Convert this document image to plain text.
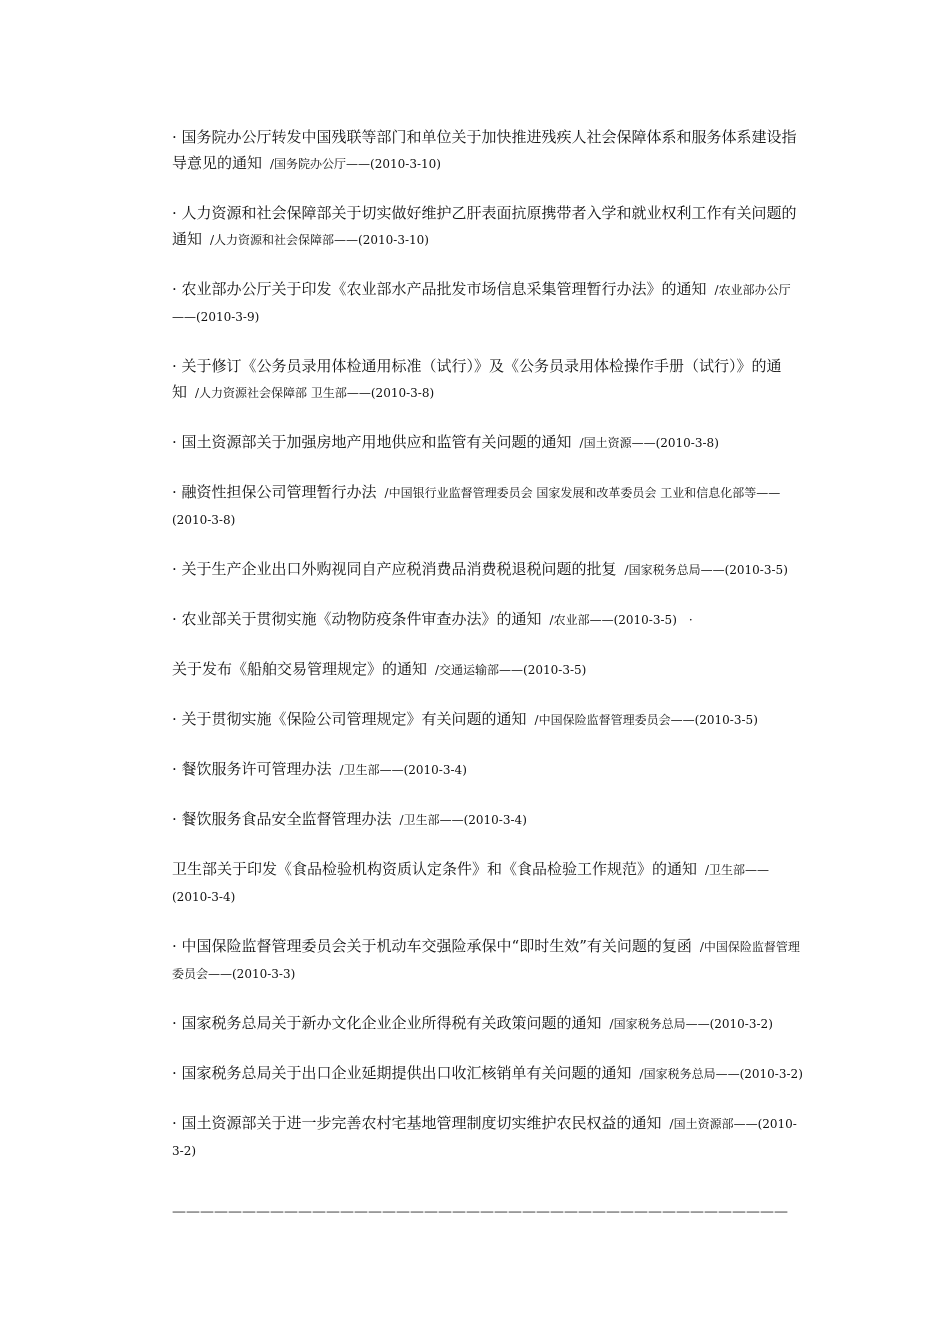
· 国务院办公厅转发中国残联等部门和单位关于加快推进残疾人社会保障体系和服务体系建设指导意见的通知 /国务院办公厅——(2010-3-10)
· 人力资源和社会保障部关于切实做好维护乙肝表面抗原携带者入学和就业权利工作有关问题的通知 /人力资源和社会保障部——(2010-3-10)
· 农业部办公厅关于印发《农业部水产品批发市场信息采集管理暂行办法》的通知 /农业部办公厅——(2010-3-9)
· 关于修订《公务员录用体检通用标准（试行）》及《公务员录用体检操作手册（试行）》的通知 /人力资源社会保障部 卫生部——(2010-3-8)
· 国土资源部关于加强房地产用地供应和监管有关问题的通知 /国土资源——(2010-3-8)
· 融资性担保公司管理暂行办法 /中国银行业监督管理委员会 国家发展和改革委员会 工业和信息化部等——(2010-3-8)
· 关于生产企业出口外购视同自产应税消费品消费税退税问题的批复 /国家税务总局——(2010-3-5)
· 农业部关于贯彻实施《动物防疫条件审查办法》的通知 /农业部——(2010-3-5)　·
关于发布《船舶交易管理规定》的通知 /交通运输部——(2010-3-5)
· 关于贯彻实施《保险公司管理规定》有关问题的通知 /中国保险监督管理委员会——(2010-3-5)
· 餐饮服务许可管理办法 /卫生部——(2010-3-4)
· 餐饮服务食品安全监督管理办法 /卫生部——(2010-3-4)
卫生部关于印发《食品检验机构资质认定条件》和《食品检验工作规范》的通知 /卫生部——(2010-3-4)
· 中国保险监督管理委员会关于机动车交强险承保中“即时生效”有关问题的复函 /中国保险监督管理委员会——(2010-3-3)
· 国家税务总局关于新办文化企业企业所得税有关政策问题的通知 /国家税务总局——(2010-3-2)
· 国家税务总局关于出口企业延期提供出口收汇核销单有关问题的通知 /国家税务总局——(2010-3-2)
· 国土资源部关于进一步完善农村宅基地管理制度切实维护农民权益的通知 /国土资源部——(2010-3-2)
————————————————————————————————————————————
